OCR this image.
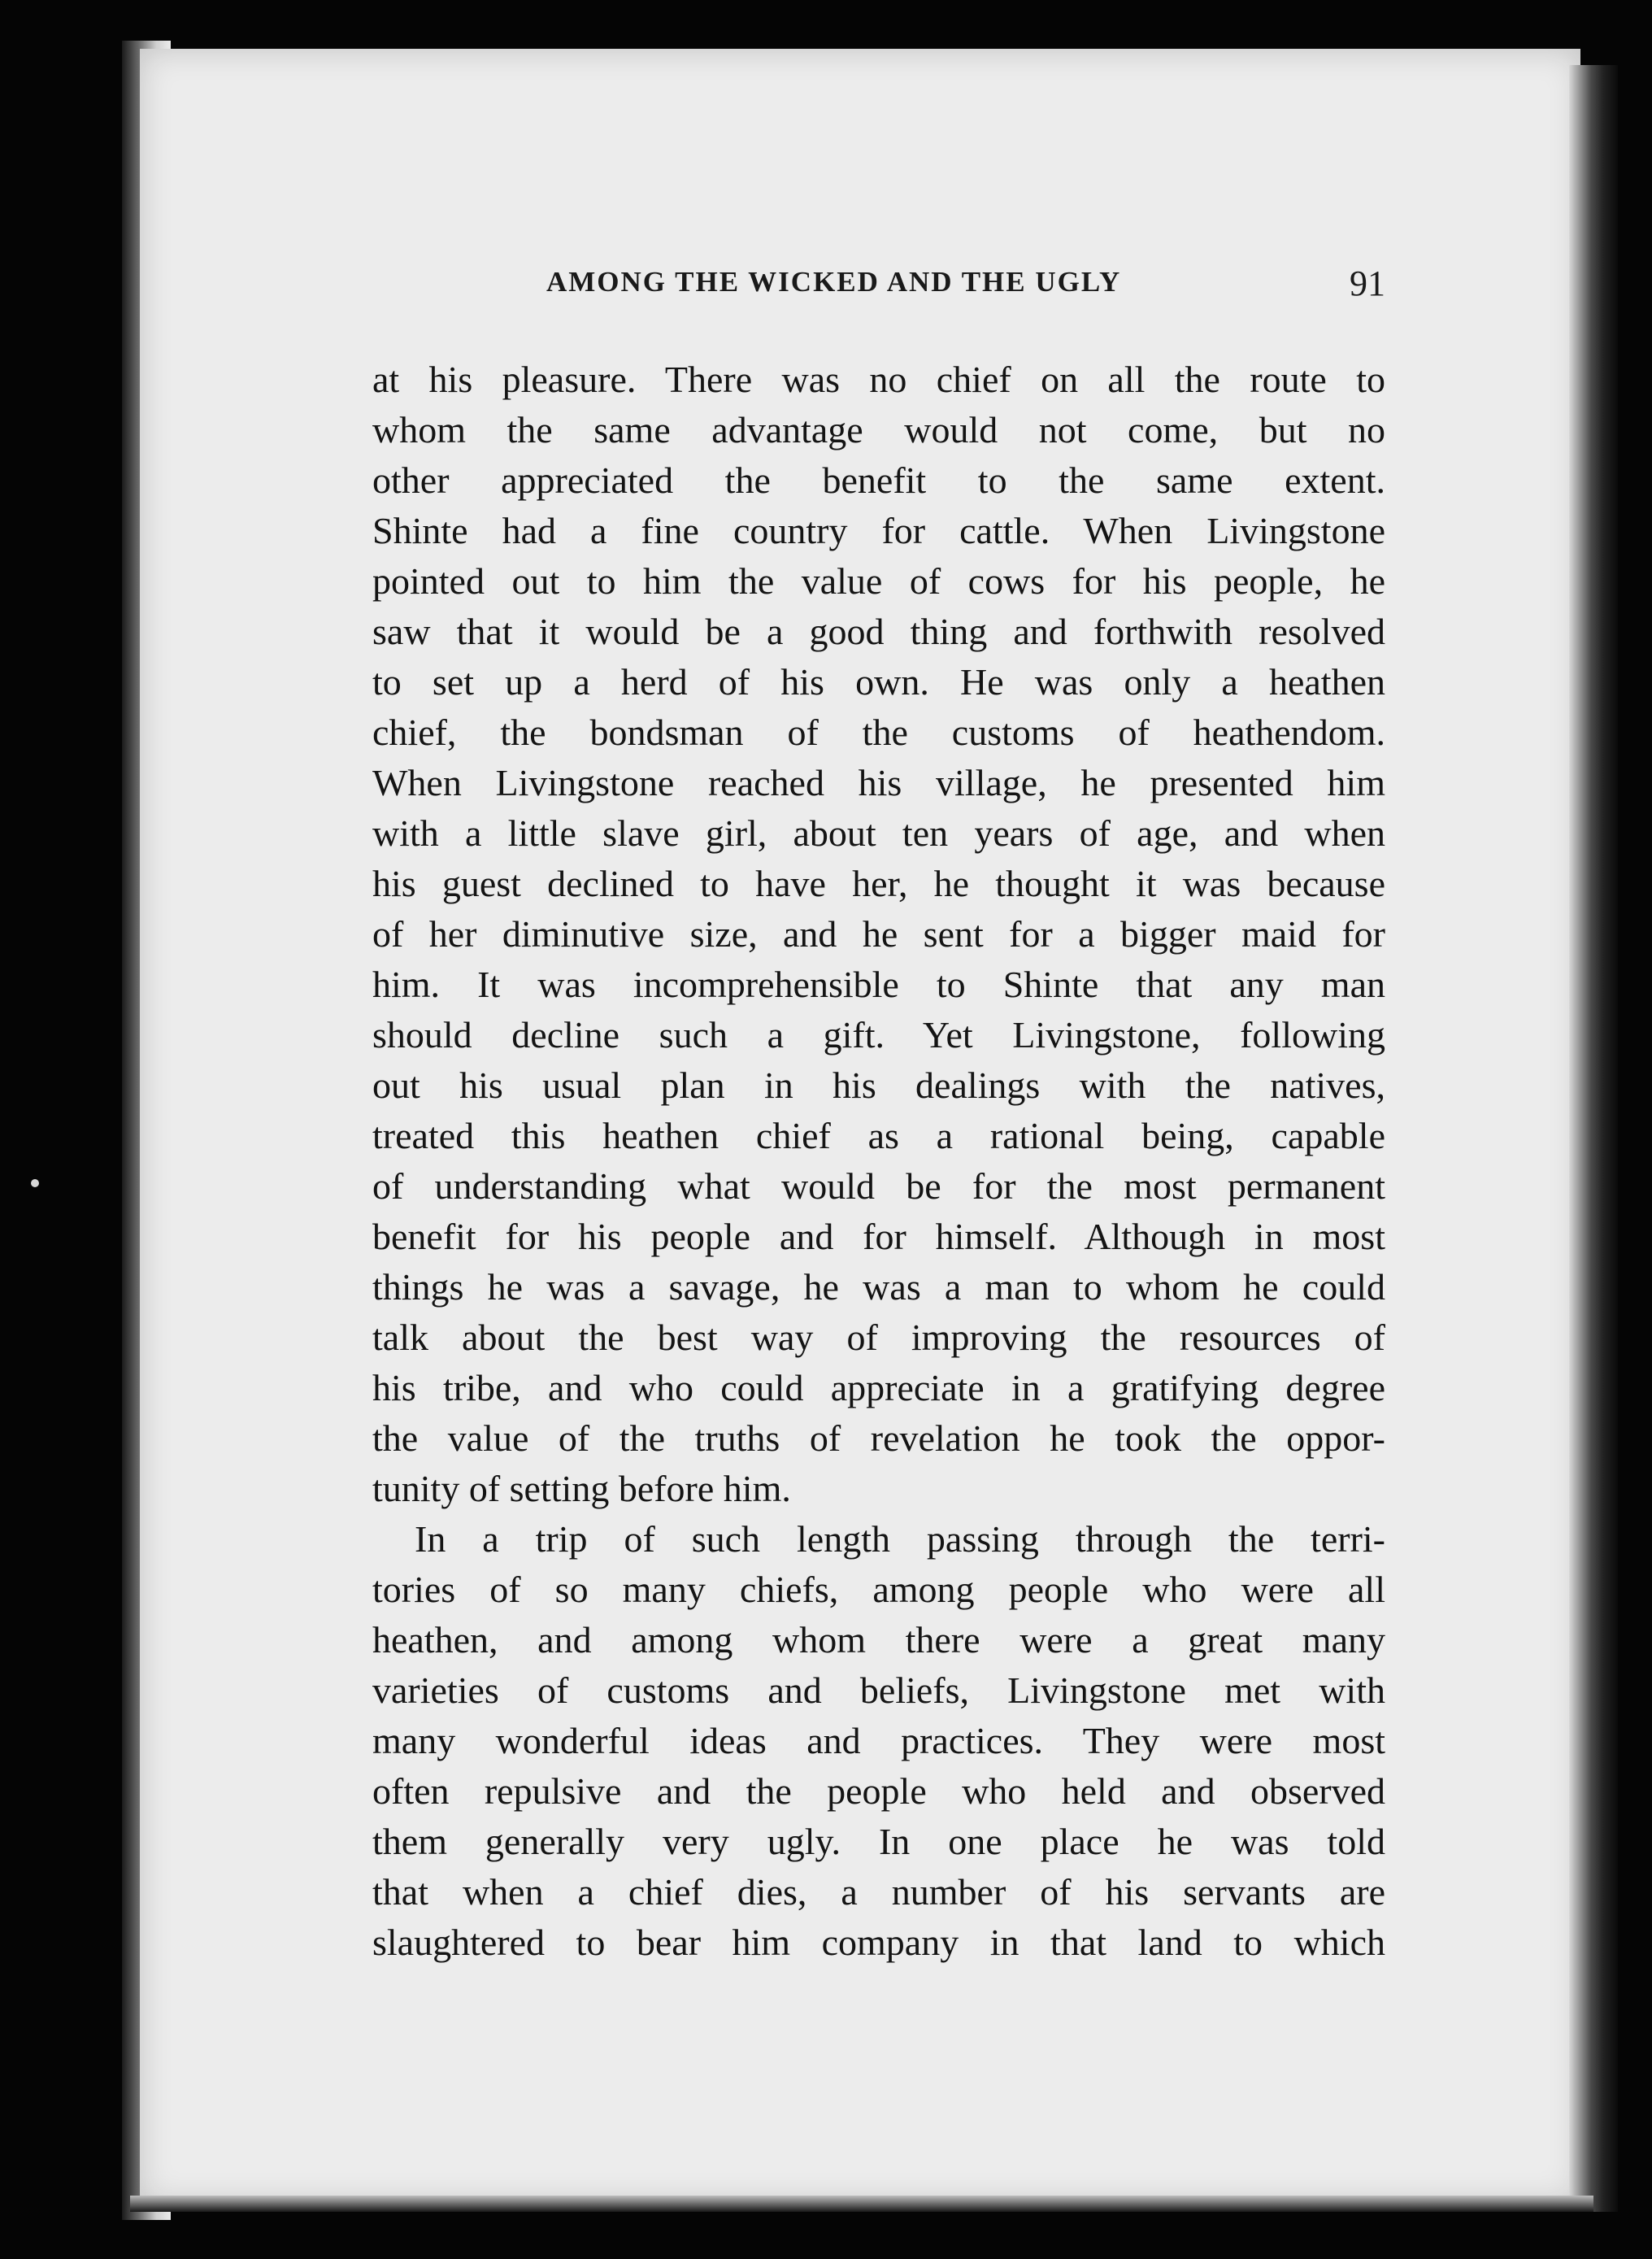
AMONG THE WICKED AND THE UGLY	91
at his pleasure. There was no chief on all the route to
whom the same advantage would not come, but no
other appreciated the benefit to the same extent.
Shinte had a fine country for cattle. When Livingstone
pointed out to him the value of cows for his people, he
saw that it would be a good thing and forthwith resolved
to set up a herd of his own. He was only a heathen
chief, the bondsman of the customs of heathendom.
When Livingstone reached his village, he presented him
with a little slave girl, about ten years of age, and when
his guest declined to have her, he thought it was because
of her diminutive size, and he sent for a bigger maid for
him. It was incomprehensible to Shinte that any man
should decline such a gift. Yet Livingstone, following
out his usual plan in his dealings with the natives,
treated this heathen chief as a rational being, capable
of understanding what would be for the most permanent
benefit for his people and for himself. Although in most
things he was a savage, he was a man to whom he could
talk about the best way of improving the resources of
his tribe, and who could appreciate in a gratifying degree
the value of the truths of revelation he took the oppor-
tunity of setting before him.
In a trip of such length passing through the terri-
tories of so many chiefs, among people who were all
heathen, and among whom there were a great many
varieties of customs and beliefs, Livingstone met with
many wonderful ideas and practices. They were most
often repulsive and the people who held and observed
them generally very ugly. In one place he was told
that when a chief dies, a number of his servants are
slaughtered to bear him company in that land to which
